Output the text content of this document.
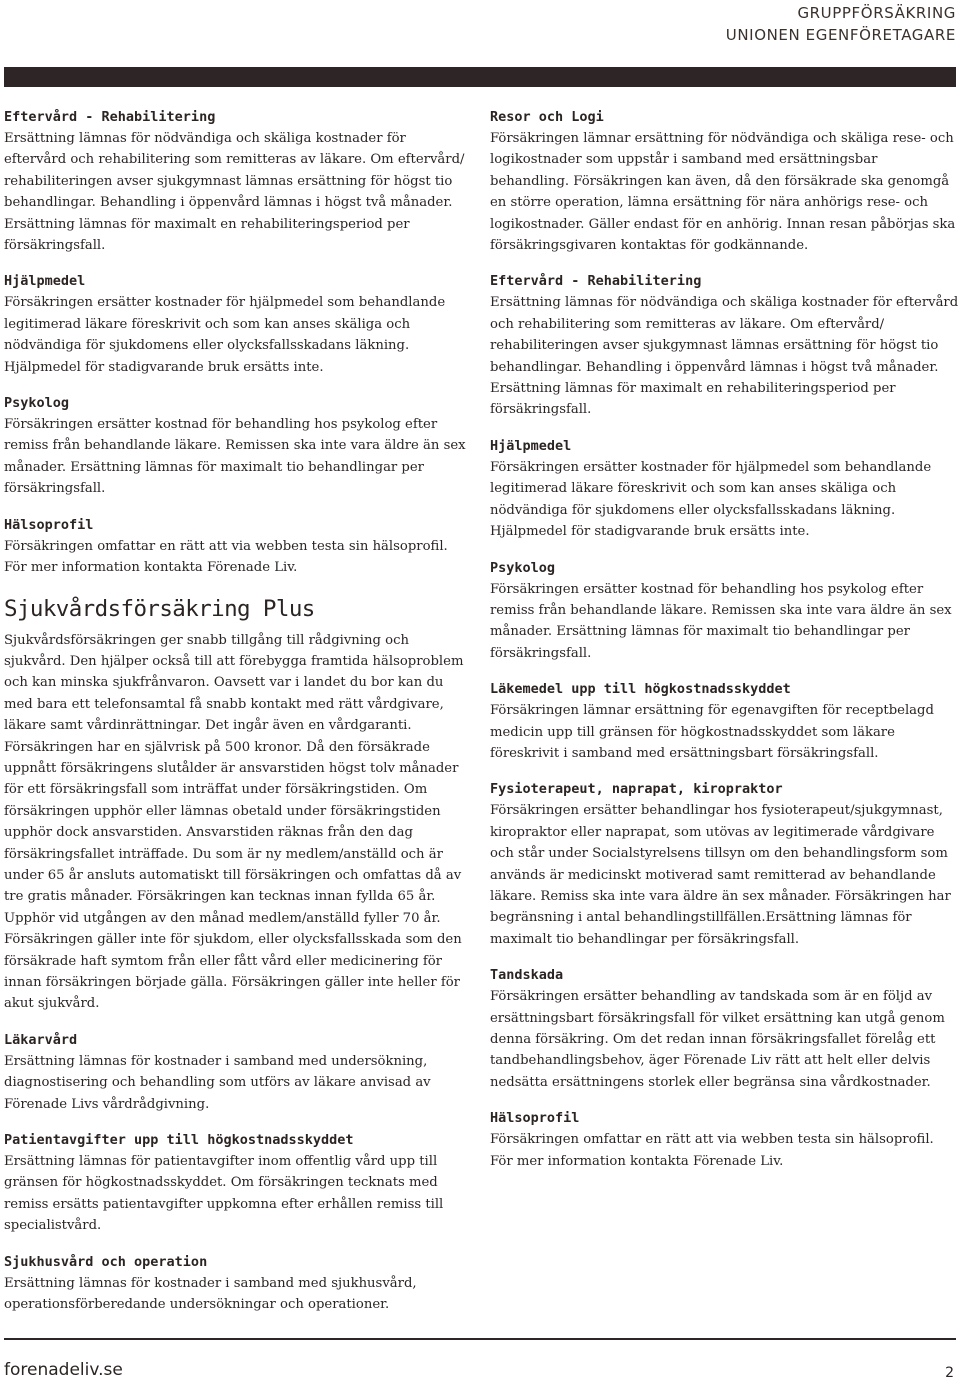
GRUPPFÖRSÄKRING
UNIONEN EGENFÖRETAGARE

Eftervård - Rehabilitering

Ersättning lämnas för nödvändiga och skäliga kostnader för eftervård och rehabilitering som remitteras av läkare. Om eftervård/ rehabiliteringen avser sjukgymnast lämnas ersättning för högst tio behandlingar. Behandling i öppenvård lämnas i högst två månader. Ersättning lämnas för maximalt en rehabiliteringsperiod per försäkringsfall.

Hjälpmedel

Försäkringen ersätter kostnader för hjälpmedel som behandlande legitimerad läkare föreskrivit och som kan anses skäliga och nödvändiga för sjukdomens eller olycksfallsskadans läkning. Hjälpmedel för stadigvarande bruk ersätts inte.

Psykolog

Försäkringen ersätter kostnad för behandling hos psykolog efter remiss från behandlande läkare. Remissen ska inte vara äldre än sex månader. Ersättning lämnas för maximalt tio behandlingar per försäkringsfall.

Hälsoprofil

Försäkringen omfattar en rätt att via webben testa sin hälsoprofil. För mer information kontakta Förenade Liv.

Sjukvårdsförsäkring Plus

Sjukvårdsförsäkringen ger snabb tillgång till rådgivning och sjukvård. Den hjälper också till att förebygga framtida hälsoproblem och kan minska sjukfrånvaron. Oavsett var i landet du bor kan du med bara ett telefonsamtal få snabb kontakt med rätt vårdgivare, läkare samt vårdinrättningar. Det ingår även en vårdgaranti. Försäkringen har en självrisk på 500 kronor. Då den försäkrade uppnått försäkringens slutålder är ansvarstiden högst tolv månader för ett försäkringsfall som inträffat under försäkringstiden. Om försäkringen upphör eller lämnas obetald under försäkringstiden upphör dock ansvarstiden. Ansvarstiden räknas från den dag försäkringsfallet inträffade. Du som är ny medlem/anställd och är under 65 år ansluts automatiskt till försäkringen och omfattas då av tre gratis månader. Försäkringen kan tecknas innan fyllda 65 år. Upphör vid utgången av den månad medlem/anställd fyller 70 år. Försäkringen gäller inte för sjukdom, eller olycksfallsskada som den försäkrade haft symtom från eller fått vård eller medicinering för innan försäkringen började gälla. Försäkringen gäller inte heller för akut sjukvård.

Läkarvård

Ersättning lämnas för kostnader i samband med undersökning, diagnostisering och behandling som utförs av läkare anvisad av Förenade Livs vårdrådgivning.

Patientavgifter upp till högkostnadsskyddet

Ersättning lämnas för patientavgifter inom offentlig vård upp till gränsen för högkostnadsskyddet. Om försäkringen tecknats med remiss ersätts patientavgifter uppkomna efter erhållen remiss till specialistvård.

Sjukhusvård och operation

Ersättning lämnas för kostnader i samband med sjukhusvård, operationsförberedande undersökningar och operationer.

Resor och Logi

Försäkringen lämnar ersättning för nödvändiga och skäliga rese- och logikostnader som uppstår i samband med ersättningsbar behandling. Försäkringen kan även, då den försäkrade ska genomgå en större operation, lämna ersättning för nära anhörigs rese- och logikostnader. Gäller endast för en anhörig. Innan resan påbörjas ska försäkringsgivaren kontaktas för godkännande.

Eftervård - Rehabilitering

Ersättning lämnas för nödvändiga och skäliga kostnader för eftervård och rehabilitering som remitteras av läkare. Om eftervård/ rehabiliteringen avser sjukgymnast lämnas ersättning för högst tio behandlingar. Behandling i öppenvård lämnas i högst två månader. Ersättning lämnas för maximalt en rehabiliteringsperiod per försäkringsfall.

Hjälpmedel

Försäkringen ersätter kostnader för hjälpmedel som behandlande legitimerad läkare föreskrivit och som kan anses skäliga och nödvändiga för sjukdomens eller olycksfallsskadans läkning. Hjälpmedel för stadigvarande bruk ersätts inte.

Psykolog

Försäkringen ersätter kostnad för behandling hos psykolog efter remiss från behandlande läkare. Remissen ska inte vara äldre än sex månader. Ersättning lämnas för maximalt tio behandlingar per försäkringsfall.

Läkemedel upp till högkostnadsskyddet

Försäkringen lämnar ersättning för egenavgiften för receptbelagd medicin upp till gränsen för högkostnadsskyddet som läkare föreskrivit i samband med ersättningsbart försäkringsfall.

Fysioterapeut, naprapat, kiropraktor

Försäkringen ersätter behandlingar hos fysioterapeut/sjukgymnast, kiropraktor eller naprapat, som utövas av legitimerade vårdgivare och står under Socialstyrelsens tillsyn om den behandlingsform som används är medicinskt motiverad samt remitterad av behandlande läkare. Remiss ska inte vara äldre än sex månader. Försäkringen har begränsning i antal behandlingstillfällen.Ersättning lämnas för maximalt tio behandlingar per försäkringsfall.

Tandskada

Försäkringen ersätter behandling av tandskada som är en följd av ersättningsbart försäkringsfall för vilket ersättning kan utgå genom denna försäkring. Om det redan innan försäkringsfallet förelåg ett tandbehandlingsbehov, äger Förenade Liv rätt att helt eller delvis nedsätta ersättningens storlek eller begränsa sina vårdkostnader.

Hälsoprofil

Försäkringen omfattar en rätt att via webben testa sin hälsoprofil. För mer information kontakta Förenade Liv.

forenadeliv.se	2
